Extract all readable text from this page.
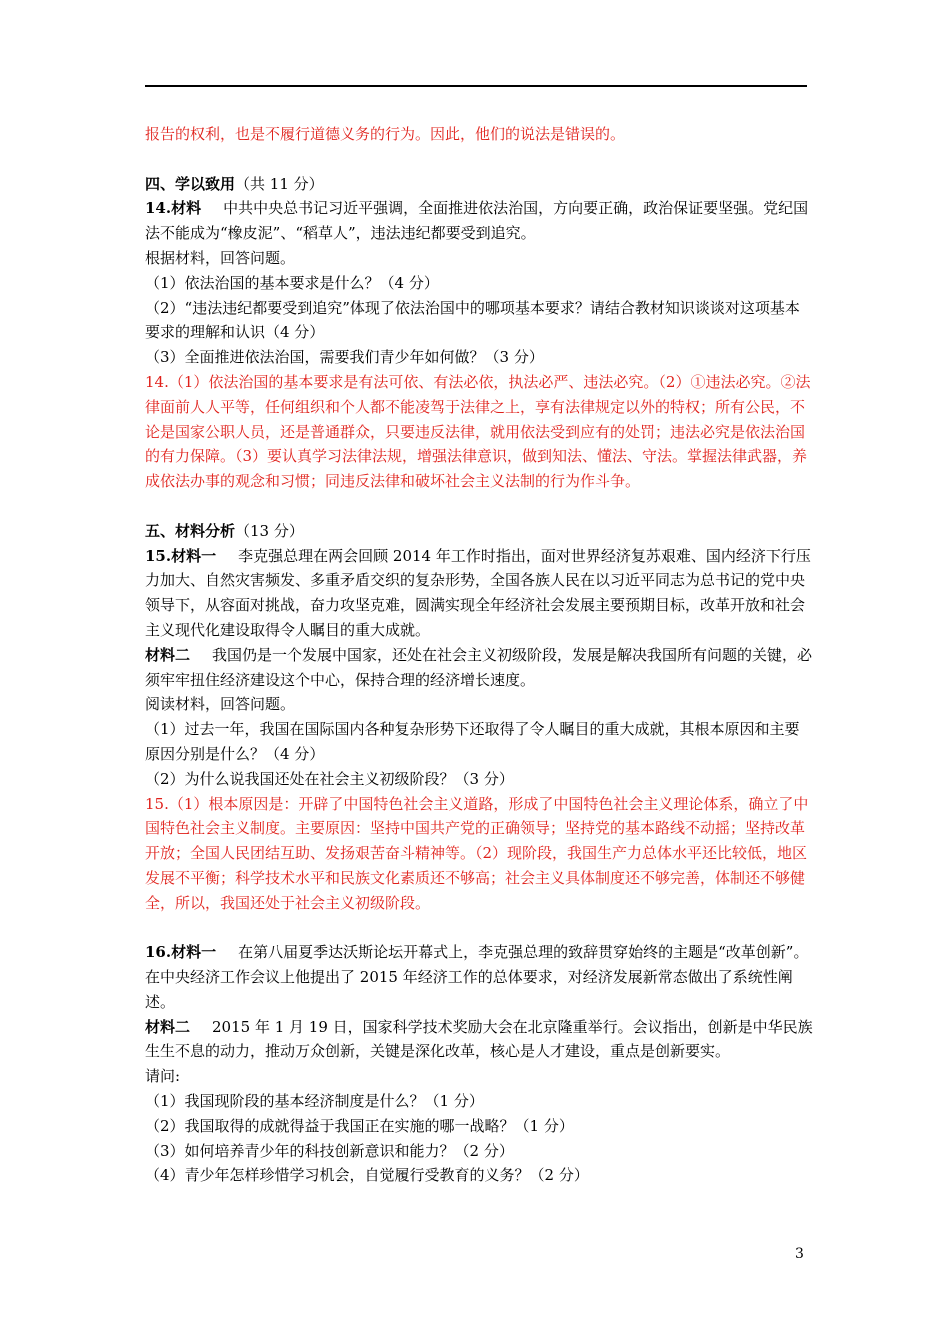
报告的权利，也是不履行道德义务的行为。因此，他们的说法是错误的。

四、学以致用（共 11 分）

14.材料 中共中央总书记习近平强调，全面推进依法治国，方向要正确，政治保证要坚强。党纪国法不能成为“橡皮泥”、“稻草人”，违法违纪都要受到追究。

根据材料，回答问题。

（1）依法治国的基本要求是什么？（4 分）

（2）“违法违纪都要受到追究”体现了依法治国中的哪项基本要求？请结合教材知识谈谈对这项基本要求的理解和认识（4 分）

（3）全面推进依法治国，需要我们青少年如何做？（3 分）

14.（1）依法治国的基本要求是有法可依、有法必依，执法必严、违法必究。（2）①违法必究。②法律面前人人平等，任何组织和个人都不能凌驾于法律之上，享有法律规定以外的特权；所有公民，不论是国家公职人员，还是普通群众，只要违反法律，就用依法受到应有的处罚；违法必究是依法治国的有力保障。（3）要认真学习法律法规，增强法律意识，做到知法、懂法、守法。掌握法律武器，养成依法办事的观念和习惯；同违反法律和破坏社会主义法制的行为作斗争。

五、材料分析（13 分）

15.材料一 李克强总理在两会回顾 2014 年工作时指出，面对世界经济复苏艰难、国内经济下行压力加大、自然灾害频发、多重矛盾交织的复杂形势，全国各族人民在以习近平同志为总书记的党中央领导下，从容面对挑战，奋力攻坚克难，圆满实现全年经济社会发展主要预期目标，改革开放和社会主义现代化建设取得令人瞩目的重大成就。

材料二 我国仍是一个发展中国家，还处在社会主义初级阶段，发展是解决我国所有问题的关键，必须牢牢扭住经济建设这个中心，保持合理的经济增长速度。

阅读材料，回答问题。

（1）过去一年，我国在国际国内各种复杂形势下还取得了令人瞩目的重大成就，其根本原因和主要原因分别是什么？（4 分）

（2）为什么说我国还处在社会主义初级阶段？（3 分）

15.（1）根本原因是：开辟了中国特色社会主义道路，形成了中国特色社会主义理论体系，确立了中国特色社会主义制度。主要原因：坚持中国共产党的正确领导；坚持党的基本路线不动摇；坚持改革开放；全国人民团结互助、发扬艰苦奋斗精神等。（2）现阶段，我国生产力总体水平还比较低，地区发展不平衡；科学技术水平和民族文化素质还不够高；社会主义具体制度还不够完善，体制还不够健全，所以，我国还处于社会主义初级阶段。

16.材料一 在第八届夏季达沃斯论坛开幕式上，李克强总理的致辞贯穿始终的主题是“改革创新”。在中央经济工作会议上他提出了 2015 年经济工作的总体要求，对经济发展新常态做出了系统性阐述。

材料二 2015 年 1 月 19 日，国家科学技术奖励大会在北京隆重举行。会议指出，创新是中华民族生生不息的动力，推动万众创新，关键是深化改革，核心是人才建设，重点是创新要实。

请问:

（1）我国现阶段的基本经济制度是什么？（1 分）

（2）我国取得的成就得益于我国正在实施的哪一战略？（1 分）

（3）如何培养青少年的科技创新意识和能力？（2 分）

（4）青少年怎样珍惜学习机会，自觉履行受教育的义务？（2 分）

3
